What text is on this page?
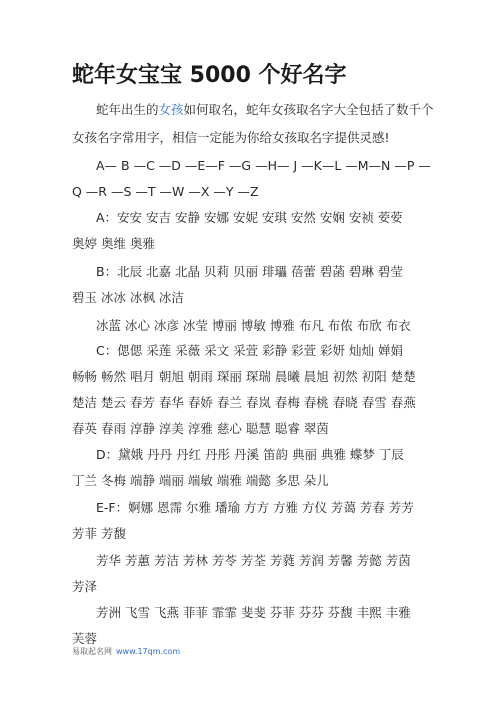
蛇年女宝宝 5000 个好名字
蛇年出生的女孩如何取名，蛇年女孩取名字大全包括了数千个
女孩名字常用字，相信一定能为你给女孩取名字提供灵感!
A— B —C —D —E—F —G —H— J —K—L —M—N —P —
Q —R —S —T —W —X —Y —Z
A：安安 安吉 安静 安娜 安妮 安琪 安然 安娴 安祯 荌荌
奥婷 奥维 奥雅
B：北辰 北嘉 北晶 贝莉 贝丽 琲瓃 蓓蕾 碧菡 碧琳 碧莹
碧玉 冰冰 冰枫 冰洁
冰蓝 冰心 冰彦 冰莹 博丽 博敏 博雅 布凡 布侬 布欣 布衣
C：偲偲 采莲 采薇 采文 采萱 彩静 彩萱 彩妍 灿灿 婵娟
畅畅 畅然 唱月 朝旭 朝雨 琛丽 琛瑞 晨曦 晨旭 初然 初阳 楚楚
楚洁 楚云 春芳 春华 春娇 春兰 春岚 春梅 春桃 春晓 春雪 春燕
春英 春雨 淳静 淳美 淳雅 慈心 聪慧 聪睿 翠茵
D：黛娥 丹丹 丹红 丹彤 丹溪 笛韵 典丽 典雅 蝶梦 丁辰
丁兰 冬梅 端静 端丽 端敏 端雅 端懿 多思 朵儿
E-F：婀娜 恩霈 尔雅 璠瑜 方方 方雅 方仪 芳蔼 芳春 芳芳
芳菲 芳馥
芳华 芳蕙 芳洁 芳林 芳苓 芳荃 芳蕤 芳润 芳馨 芳懿 芳茵
芳泽
芳洲 飞雪 飞燕 菲菲 霏霏 斐斐 芬菲 芬芬 芬馥 丰熙 丰雅
芙蓉
易取起名网 www.17qm.com
